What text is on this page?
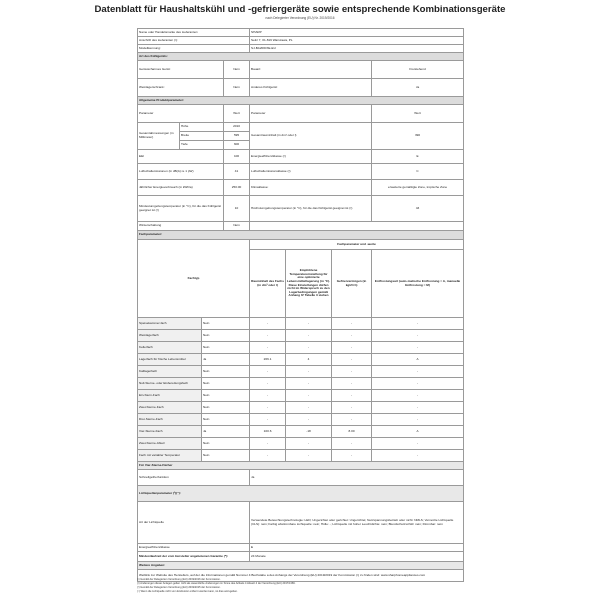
Datenblatt für Haushaltskühl und -gefriergeräte sowie entsprechende Kombinationsgeräte
nach Delegierter Verordnung (EU) Nr. 2019/2016
Name oder Handelsmarke des Lieferanten:				SHARP			
Anschrift des Lieferanten (¹):				Seitz 7, 01-819 Warszawa, PL			
Modellkennung:				SJ-BA20IDXE-EU			
Art des Kühlgeräts:							
Geräuscharmes Gerät:			Nein	Bauart:			Freistehend
Weinlagerschrank:			Nein	Anderes Kühlgerät:			Ja
Allgemeine Produktparameter:							
Parameter			Wert	Parameter			Wert
Gesamtabmessungen (in Millimeter)	Höhe		2010	Gesamtrauminhalt (in dm³ oder l)			390
	Breite		595				
	Tiefe		600				
EEI			100	Energieeffizienzklasse (²)			E
Luftschallemissionen (in dB(A) re 1 pW)			41	Luftschallemissionsklasse (²)			C
Jährlicher Energieverbrauch (in kWh/a)			250.00	Klimaklasse:			erweiterte gemäßigte Zone, tropische Zone
Mindestumgebungstemperatur (in °C), für die das Kühlgerät geeignet ist (²)			10	Höchstumgebungstemperatur (in °C), für die das Kühlgerät geeignet ist (²)			43
Winterschaltung			Nein				
Fachparameter:							
Fachtyp				Fachparameter und -werte			
				Rauminhalt des Fachs (in dm³ oder l)	Empfohlene Temperatureinstellung für eine optimierte Lebensmittellagerung (in °C). Diese Einstellungen dürfen nicht im Widerspruch zu den Lagerbedingungen gemäß Anhang IV Tabelle 3 stehen	Gefriervermögen (in kg/24 h)	Entfrostungsart (auto-matische Entfrostung = A, manuelle Entfrostung = M)
Speisekammer-fach		Nein		-	-	-	-
Weinlagerfach		Nein		-	-	-	-
Kellerfach		Nein		-	-	-	-
Lagerfach für frische Lebensmittel		Ja		266.1	4	-	A
Kaltlagerfach		Nein		-	-	-	-
Null-Sterne- oder Eisbereitungsfach		Nein		-	-	-	-
Ein-Stern-Fach		Nein		-	-	-	-
Zwei-Sterne-Fach		Nein		-	-	-	-
Drei-Sterne-Fach		Nein		-	-	-	-
Vier-Sterne-Fach		Ja		100.6	-18	8.00	A
Zwei-Sterne-Abteil		Nein		-	-	-	-
Fach mit variabler Temperatur		Nein		-	-	-	-
Für Vier-Sterne-Fächer							
Schnellgefrierfunktion				Ja			
Lichtquellenparameter (³)(⁴):							
Art der Lichtquelle				Verwendete Beleuchtungstechnologie: LED; Ungerichtet oder gerichtet: Ungerichtet; Netzspannungsbetrieb oder nicht: NMLS; Vernetzte Lichtquelle (CLS): nein; Farbig abstimmbare Lichtquelle: nein; Hülle: -; Lichtquelle mit hoher Leuchtdichte: nein; Blendschutzschild: nein; Dimmbar: nein			
Energieeffizienzklasse				E			
Mindestlaufzeit der vom Hersteller angebotenen Garantie (⁵):				24 Monate			
Weitere Angaben:							
Weblink zur Website des Herstellers, auf der die Informationen gemäß Nummer 4 Buchstabe a des Anhangs der Verordnung (EU) 2019/2019 der Kommission (¹) zu finden sind: www.sharphomeappliances.com							
(¹) Gemäß der Delegierten Verordnung (EU) 2019/2016 der Kommission.
(²) Änderungen dieser Anlagen gelten nicht als wesentliche Änderungen im Sinne des Artikels 4 Absatz 4 der Verordnung (EU) 2017/1369.
(³) Gemäß der Delegierten Verordnung (EU) 2019/2015 der Kommission.
(⁴) Wenn die Lichtquelle nicht vom Endnutzer entfernt werden kann, ist dies anzugeben.
